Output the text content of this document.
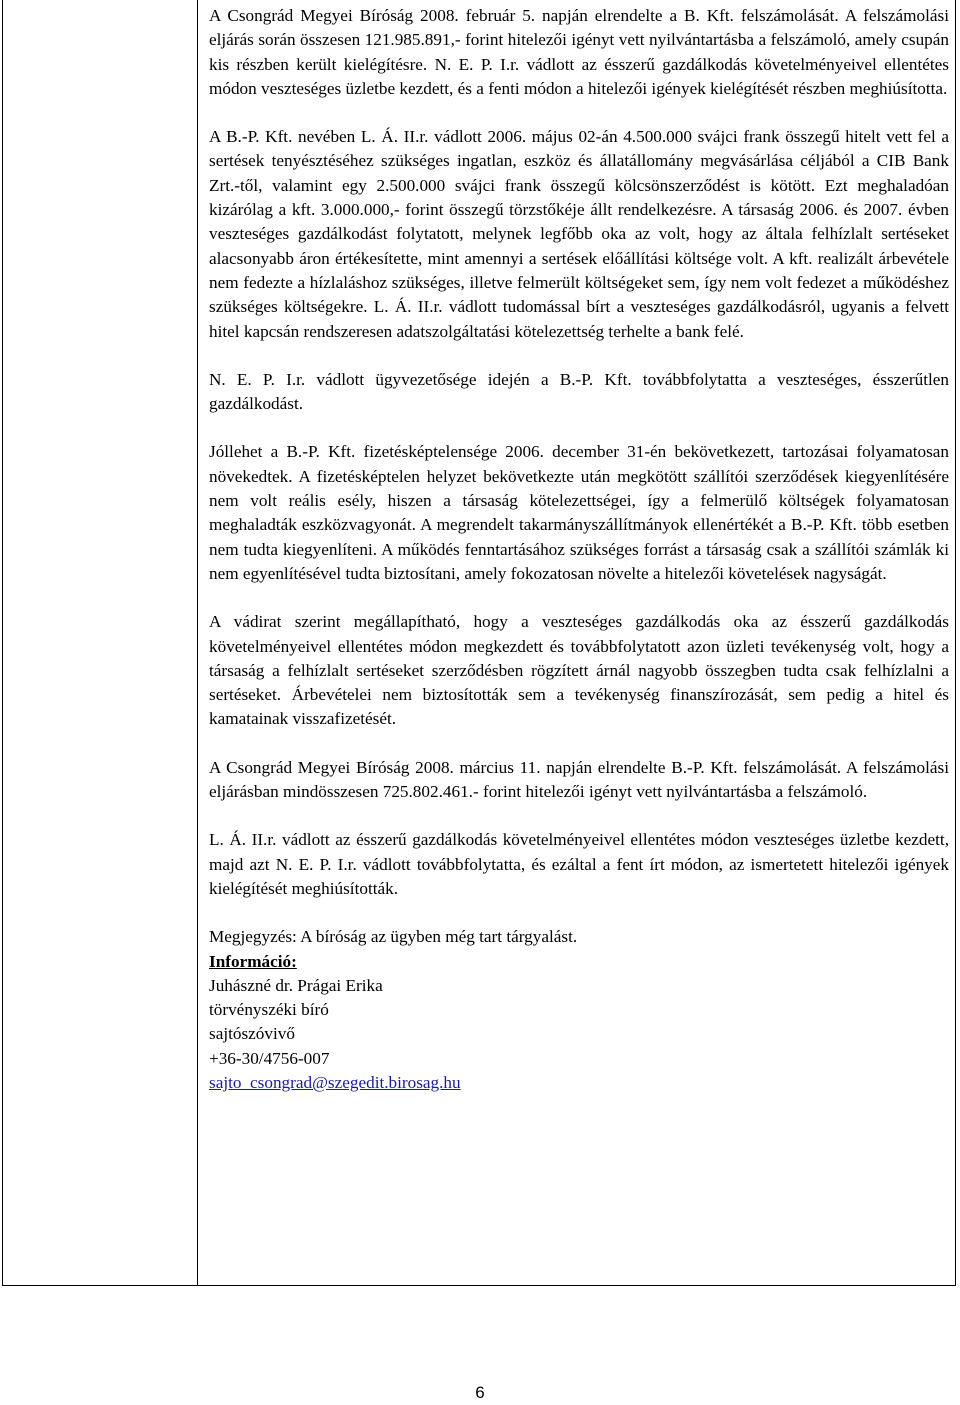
A Csongrád Megyei Bíróság 2008. február 5. napján elrendelte a B. Kft. felszámolását. A felszámolási eljárás során összesen 121.985.891,- forint hitelezői igényt vett nyilvántartásba a felszámoló, amely csupán kis részben került kielégítésre. N. E. P. I.r. vádlott az ésszerű gazdálkodás követelményeivel ellentétes módon veszteséges üzletbe kezdett, és a fenti módon a hitelezői igények kielégítését részben meghiúsította.

A B.-P. Kft. nevében L. Á. II.r. vádlott 2006. május 02-án 4.500.000 svájci frank összegű hitelt vett fel a sertések tenyésztéséhez szükséges ingatlan, eszköz és állatállomány megvásárlása céljából a CIB Bank Zrt.-től, valamint egy 2.500.000 svájci frank összegű kölcsönszerződést is kötött. Ezt meghaladóan kizárólag a kft. 3.000.000,- forint összegű törzstőkéje állt rendelkezésre. A társaság 2006. és 2007. évben veszteséges gazdálkodást folytatott, melynek legfőbb oka az volt, hogy az általa felhízlalt sertéseket alacsonyabb áron értékesítette, mint amennyi a sertések előállítási költsége volt. A kft. realizált árbevétele nem fedezte a hízlaláshoz szükséges, illetve felmerült költségeket sem, így nem volt fedezet a működéshez szükséges költségekre. L. Á. II.r. vádlott tudomással bírt a veszteséges gazdálkodásról, ugyanis a felvett hitel kapcsán rendszeresen adatszolgáltatási kötelezettség terhelte a bank felé.

N. E. P. I.r. vádlott ügyvezetősége idején a B.-P. Kft. továbbfolytatta a veszteséges, ésszerűtlen gazdálkodást.

Jóllehet a B.-P. Kft. fizetésképtelensége 2006. december 31-én bekövetkezett, tartozásai folyamatosan növekedtek. A fizetésképtelen helyzet bekövetkezte után megkötött szállítói szerződések kiegyenlítésére nem volt reális esély, hiszen a társaság kötelezettségei, így a felmerülő költségek folyamatosan meghaladták eszközvagyonát. A megrendelt takarmányszállítmányok ellenértékét a B.-P. Kft. több esetben nem tudta kiegyenlíteni. A működés fenntartásához szükséges forrást a társaság csak a szállítói számlák ki nem egyenlítésével tudta biztosítani, amely fokozatosan növelte a hitelezői követelések nagyságát.

A vádirat szerint megállapítható, hogy a veszteséges gazdálkodás oka az ésszerű gazdálkodás követelményeivel ellentétes módon megkezdett és továbbfolytatott azon üzleti tevékenység volt, hogy a társaság a felhízlalt sertéseket szerződésben rögzített árnál nagyobb összegben tudta csak felhízlalni a sertéseket. Árbevételei nem biztosították sem a tevékenység finanszírozását, sem pedig a hitel és kamatainak visszafizetését.

A Csongrád Megyei Bíróság 2008. március 11. napján elrendelte B.-P. Kft. felszámolását. A felszámolási eljárásban mindösszesen 725.802.461.- forint hitelezői igényt vett nyilvántartásba a felszámoló.

L. Á. II.r. vádlott az ésszerű gazdálkodás követelményeivel ellentétes módon veszteséges üzletbe kezdett, majd azt N. E. P. I.r. vádlott továbbfolytatta, és ezáltal a fent írt módon, az ismertetett hitelezői igények kielégítését meghiúsították.

Megjegyzés: A bíróság az ügyben még tart tárgyalást.

Információ:
Juhászné dr. Prágai Erika
törvényszéki bíró
sajtószóvivő
+36-30/4756-007
sajto_csongrad@szegedit.birosag.hu
6
